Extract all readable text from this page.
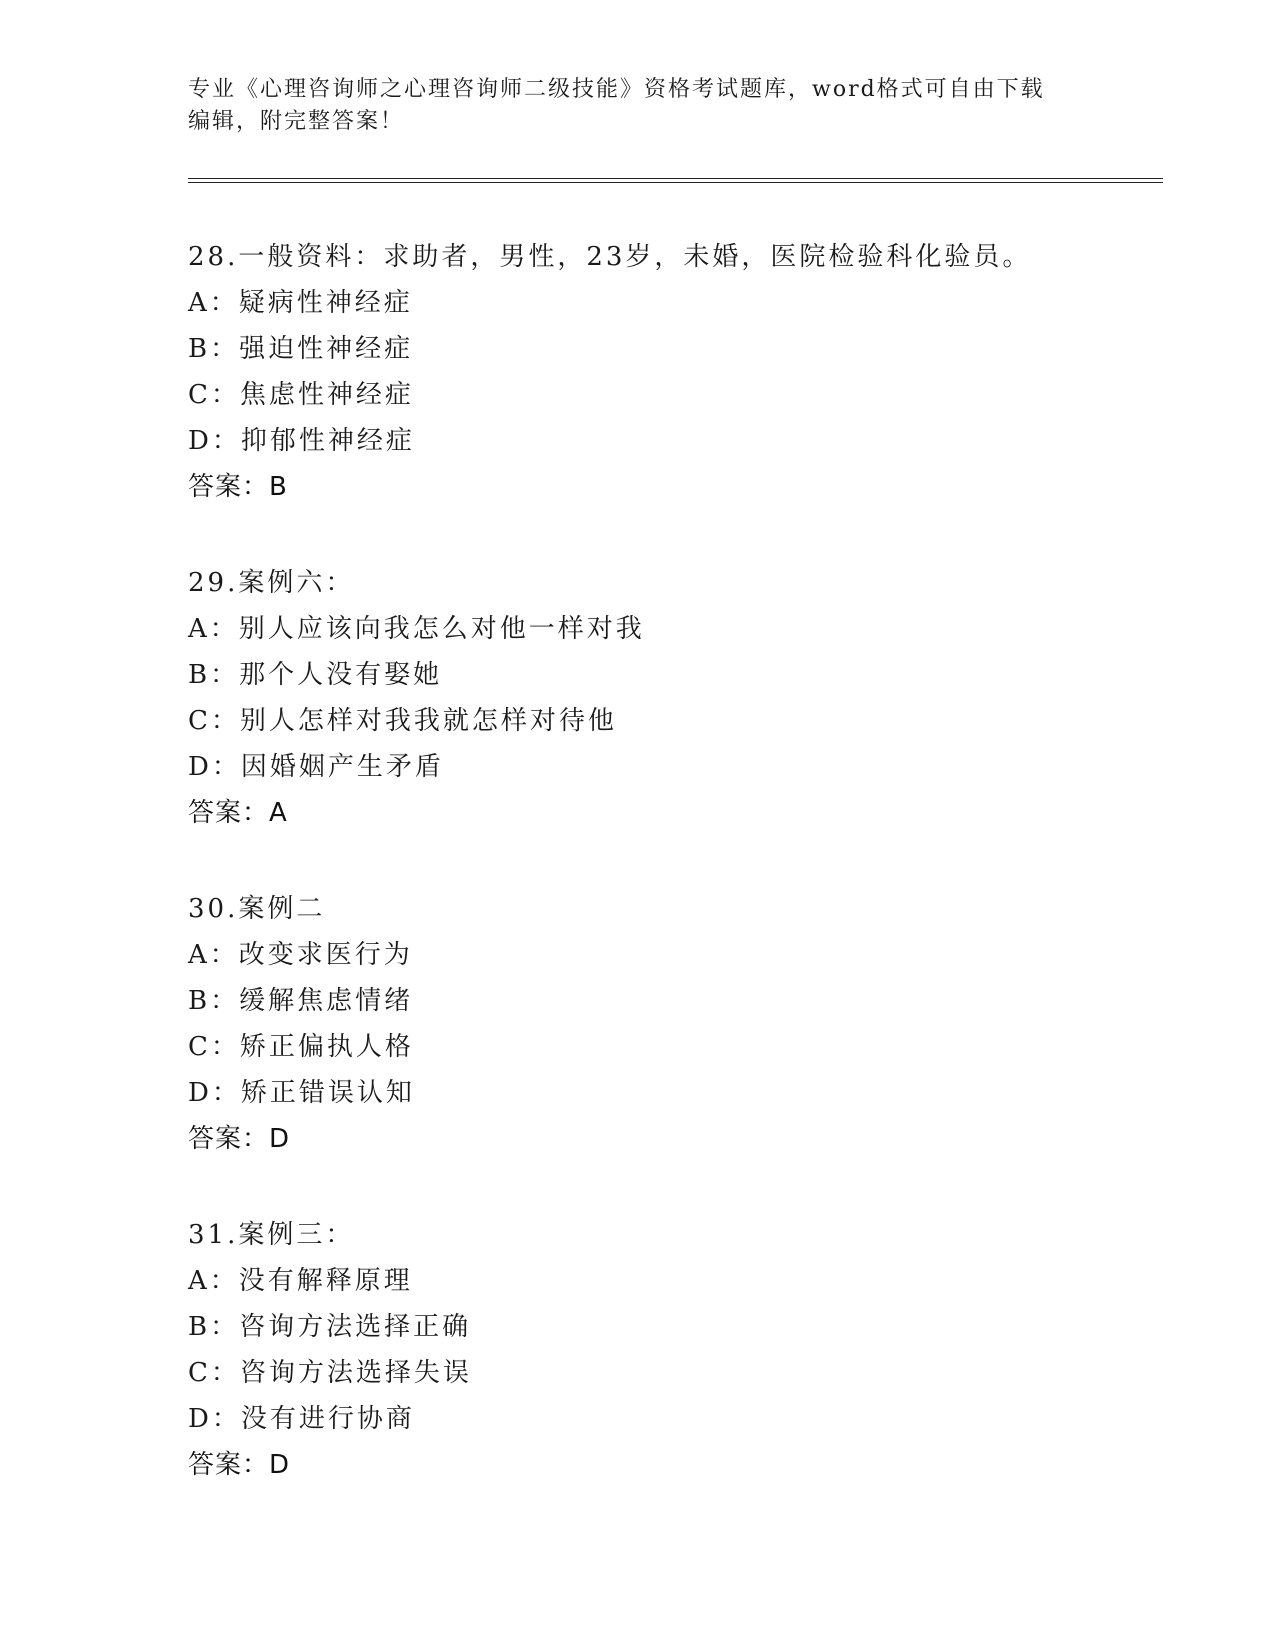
专业《心理咨询师之心理咨询师二级技能》资格考试题库，word格式可自由下载
编辑，附完整答案！
28.一般资料：求助者，男性，23岁，未婚，医院检验科化验员。
A：疑病性神经症
B：强迫性神经症
C：焦虑性神经症
D：抑郁性神经症
答案：B
29.案例六：
A：别人应该向我怎么对他一样对我
B：那个人没有娶她
C：别人怎样对我我就怎样对待他
D：因婚姻产生矛盾
答案：A
30.案例二
A：改变求医行为
B：缓解焦虑情绪
C：矫正偏执人格
D：矫正错误认知
答案：D
31.案例三：
A：没有解释原理
B：咨询方法选择正确
C：咨询方法选择失误
D：没有进行协商
答案：D
